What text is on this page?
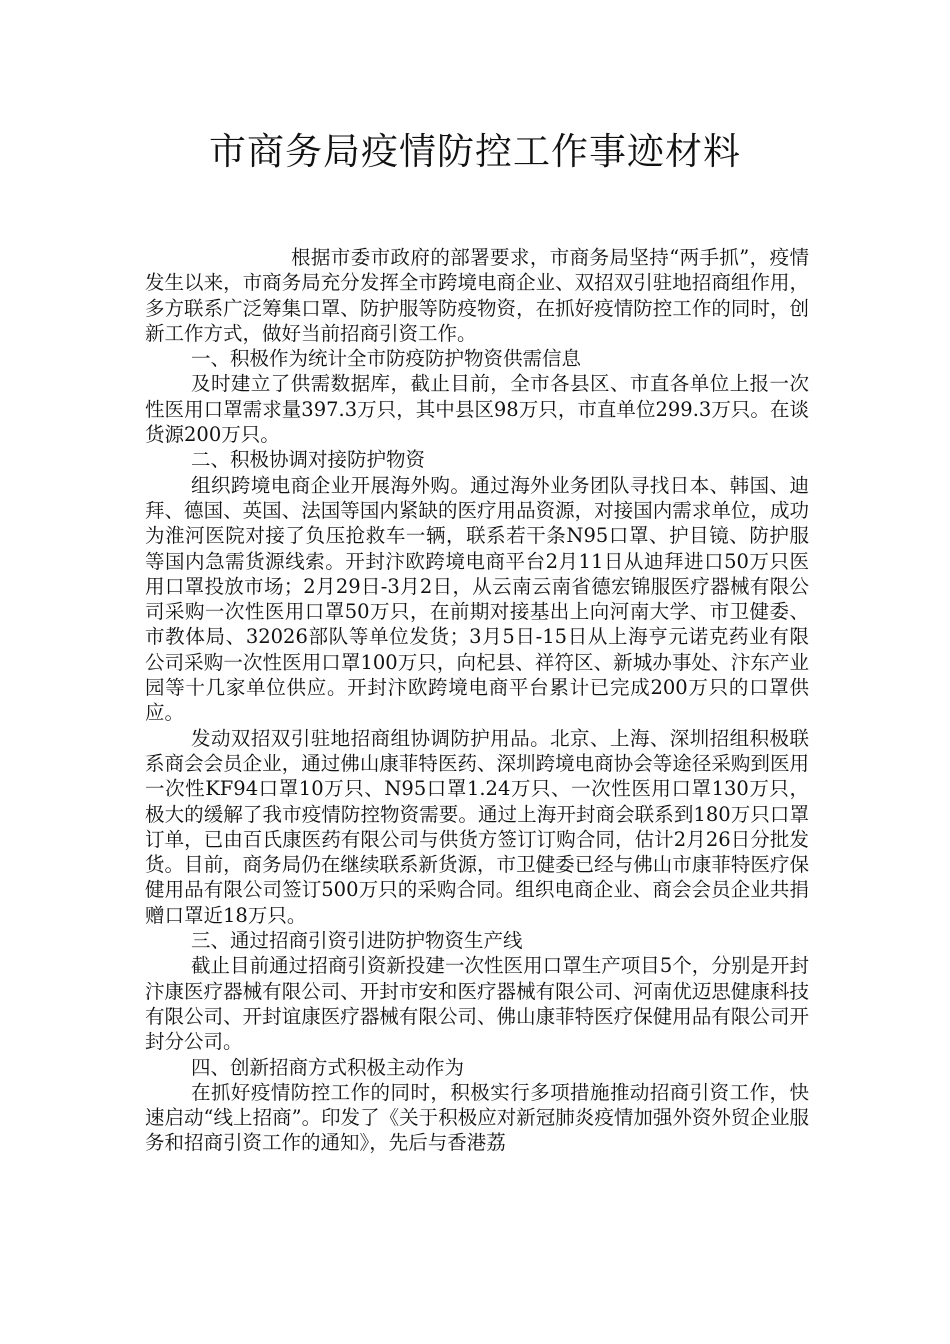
市商务局疫情防控工作事迹材料

根据市委市政府的部署要求，市商务局坚持“两手抓”，疫情发生以来，市商务局充分发挥全市跨境电商企业、双招双引驻地招商组作用，多方联系广泛筹集口罩、防护服等防疫物资，在抓好疫情防控工作的同时，创新工作方式，做好当前招商引资工作。

一、积极作为统计全市防疫防护物资供需信息

及时建立了供需数据库，截止目前，全市各县区、市直各单位上报一次性医用口罩需求量397.3万只，其中县区98万只，市直单位299.3万只。在谈货源200万只。

二、积极协调对接防护物资

组织跨境电商企业开展海外购。通过海外业务团队寻找日本、韩国、迪拜、德国、英国、法国等国内紧缺的医疗用品资源，对接国内需求单位，成功为淮河医院对接了负压抢救车一辆，联系若干条N95口罩、护目镜、防护服等国内急需货源线索。开封汴欧跨境电商平台2月11日从迪拜进口50万只医用口罩投放市场；2月29日-3月2日，从云南云南省德宏锦服医疗器械有限公司采购一次性医用口罩50万只，在前期对接基出上向河南大学、市卫健委、市教体局、32026部队等单位发货；3月5日-15日从上海亨元诺克药业有限公司采购一次性医用口罩100万只，向杞县、祥符区、新城办事处、汴东产业园等十几家单位供应。开封汴欧跨境电商平台累计已完成200万只的口罩供应。

发动双招双引驻地招商组协调防护用品。北京、上海、深圳招组积极联系商会会员企业，通过佛山康菲特医药、深圳跨境电商协会等途径采购到医用一次性KF94口罩10万只、N95口罩1.24万只、一次性医用口罩130万只，极大的缓解了我市疫情防控物资需要。通过上海开封商会联系到180万只口罩订单，已由百氏康医药有限公司与供货方签订订购合同，估计2月26日分批发货。目前，商务局仍在继续联系新货源，市卫健委已经与佛山市康菲特医疗保健用品有限公司签订500万只的采购合同。组织电商企业、商会会员企业共捐赠口罩近18万只。

三、通过招商引资引进防护物资生产线

截止目前通过招商引资新投建一次性医用口罩生产项目5个，分别是开封汴康医疗器械有限公司、开封市安和医疗器械有限公司、河南优迈思健康科技有限公司、开封谊康医疗器械有限公司、佛山康菲特医疗保健用品有限公司开封分公司。

四、创新招商方式积极主动作为

在抓好疫情防控工作的同时，积极实行多项措施推动招商引资工作，快速启动“线上招商”。印发了《关于积极应对新冠肺炎疫情加强外资外贸企业服务和招商引资工作的通知》，先后与香港荔
